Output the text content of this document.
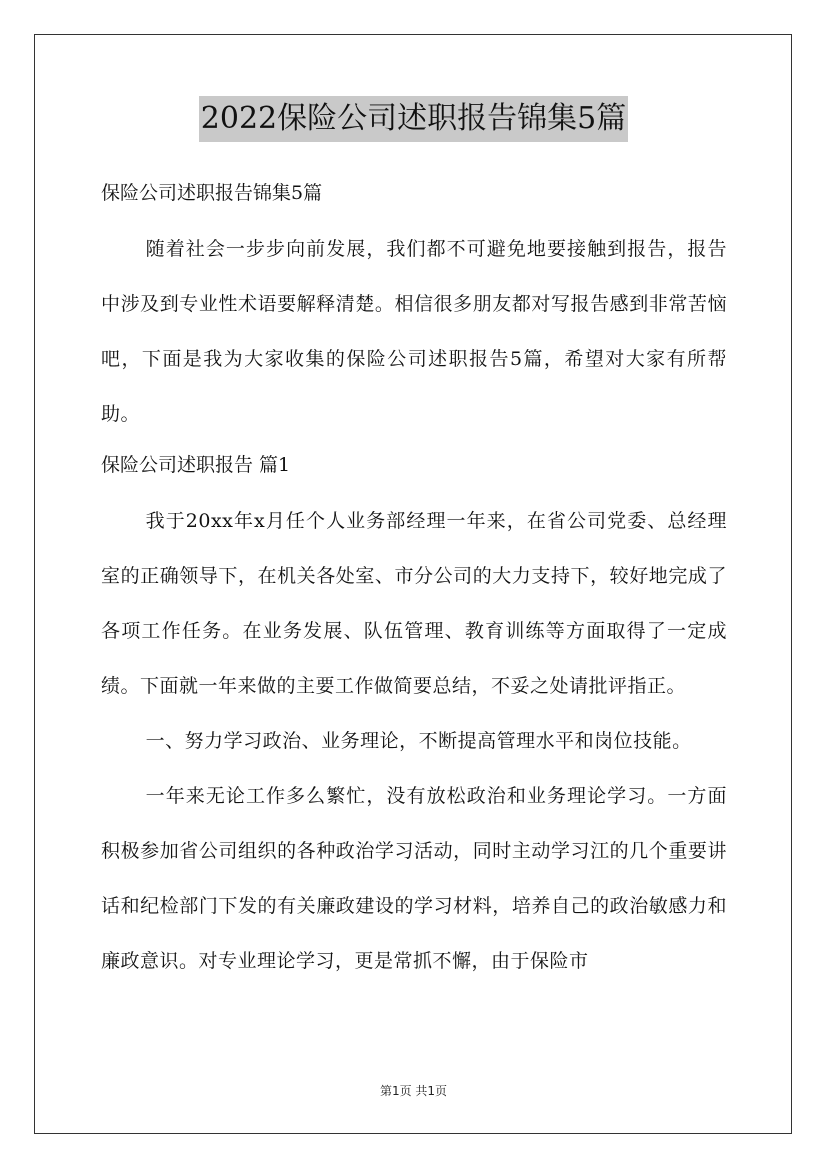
2022保险公司述职报告锦集5篇

保险公司述职报告锦集5篇

随着社会一步步向前发展，我们都不可避免地要接触到报告，报告中涉及到专业性术语要解释清楚。相信很多朋友都对写报告感到非常苦恼吧，下面是我为大家收集的保险公司述职报告5篇，希望对大家有所帮助。

保险公司述职报告 篇1

我于20xx年x月任个人业务部经理一年来，在省公司党委、总经理室的正确领导下，在机关各处室、市分公司的大力支持下，较好地完成了各项工作任务。在业务发展、队伍管理、教育训练等方面取得了一定成绩。下面就一年来做的主要工作做简要总结，不妥之处请批评指正。

一、努力学习政治、业务理论，不断提高管理水平和岗位技能。

一年来无论工作多么繁忙，没有放松政治和业务理论学习。一方面积极参加省公司组织的各种政治学习活动，同时主动学习江的几个重要讲话和纪检部门下发的有关廉政建设的学习材料，培养自己的政治敏感力和廉政意识。对专业理论学习，更是常抓不懈，由于保险市

第1页 共1页
